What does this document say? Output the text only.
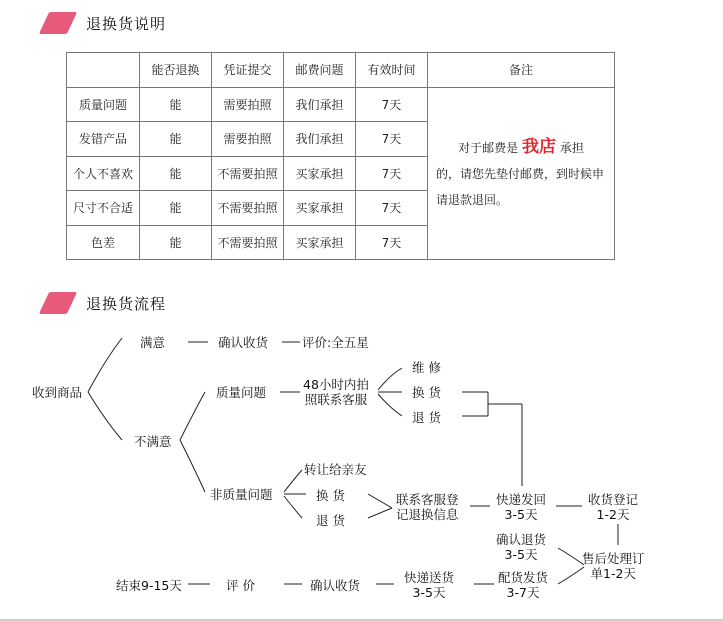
退换货说明
	能否退换	凭证提交	邮费问题	有效时间	备注
质量问题	能	需要拍照	我们承担	7天	对于邮费是 我店 承担
的，请您先垫付邮费，到时候申请退款退回。

发错产品	能	需要拍照	我们承担	7天	
个人不喜欢	能	不需要拍照	买家承担	7天	
尺寸不合适	能	不需要拍照	买家承担	7天	
色差	能	不需要拍照	买家承担	7天	
退换货流程
收到商品
满意	确认收货	评价:全五星
不满意
质量问题
48小时内拍
照联系客服
维 修
换 货
退 货
非质量问题
转让给亲友
换 货
退 货
联系客服登
记退换信息
快递发回
3-5天
收货登记
1-2天
确认退货
3-5天	售后处理订
单1-2天
配货发货
3-7天
快递送货
3-5天
确认收货
评 价
结束9-15天
